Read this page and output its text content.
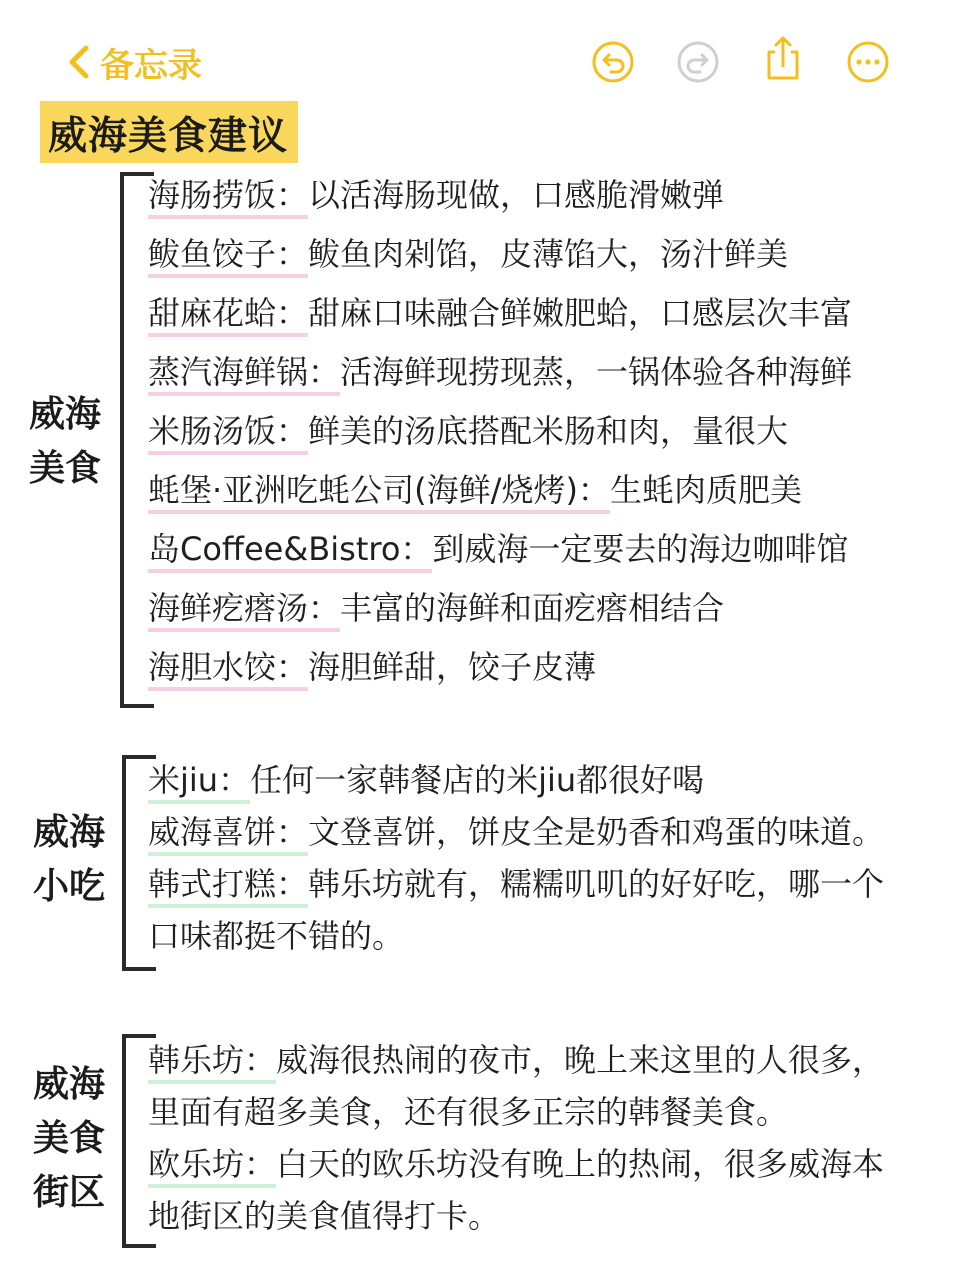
备忘录
威海美食建议
威海
美食
海肠捞饭：以活海肠现做，口感脆滑嫩弹
鲅鱼饺子：鲅鱼肉剁馅，皮薄馅大，汤汁鲜美
甜麻花蛤：甜麻口味融合鲜嫩肥蛤，口感层次丰富
蒸汽海鲜锅：活海鲜现捞现蒸，一锅体验各种海鲜
米肠汤饭：鲜美的汤底搭配米肠和肉，量很大
蚝堡·亚洲吃蚝公司(海鲜/烧烤)：生蚝肉质肥美
岛Coffee&Bistro：到威海一定要去的海边咖啡馆
海鲜疙瘩汤：丰富的海鲜和面疙瘩相结合
海胆水饺：海胆鲜甜，饺子皮薄
威海
小吃
米jiu：任何一家韩餐店的米jiu都很好喝
威海喜饼：文登喜饼，饼皮全是奶香和鸡蛋的味道。
韩式打糕：韩乐坊就有，糯糯叽叽的好好吃，哪一个
口味都挺不错的。
威海
美食
街区
韩乐坊：威海很热闹的夜市，晚上来这里的人很多，
里面有超多美食，还有很多正宗的韩餐美食。
欧乐坊：白天的欧乐坊没有晚上的热闹，很多威海本
地街区的美食值得打卡。
